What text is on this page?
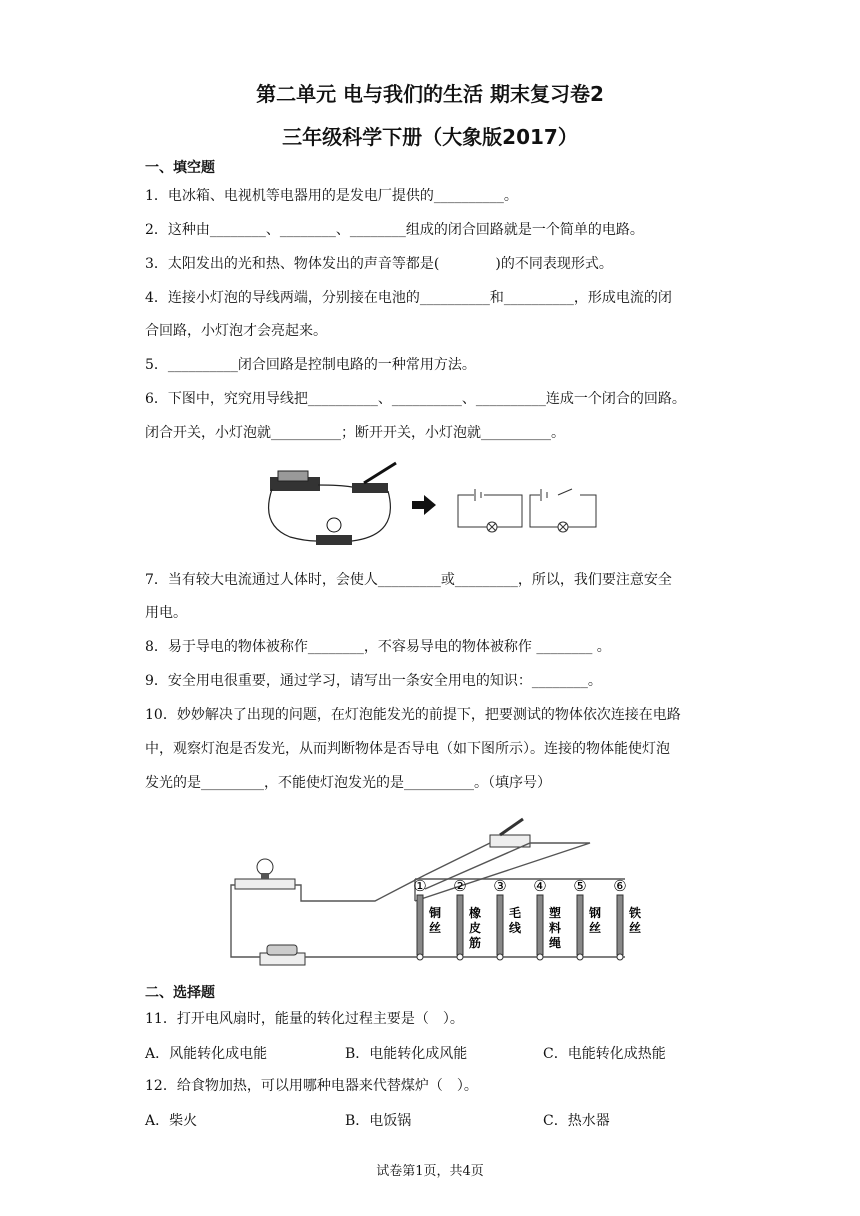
第二单元 电与我们的生活 期末复习卷2
三年级科学下册（大象版2017）
一、填空题
1．电冰箱、电视机等电器用的是发电厂提供的__________。
2．这种由________、________、________组成的闭合回路就是一个简单的电路。
3．太阳发出的光和热、物体发出的声音等都是(　　　　)的不同表现形式。
4．连接小灯泡的导线两端，分别接在电池的__________和__________，形成电流的闭
合回路，小灯泡才会亮起来。
5．__________闭合回路是控制电路的一种常用方法。
6．下图中，究究用导线把__________、__________、__________连成一个闭合的回路。
闭合开关，小灯泡就__________；断开开关，小灯泡就__________。
7．当有较大电流通过人体时，会使人_________或_________，所以，我们要注意安全
用电。
8．易于导电的物体被称作________，不容易导电的物体被称作 ________ 。
9．安全用电很重要，通过学习，请写出一条安全用电的知识：________。
10．妙妙解决了出现的问题，在灯泡能发光的前提下，把要测试的物体依次连接在电路
中，观察灯泡是否发光，从而判断物体是否导电（如下图所示）。连接的物体能使灯泡
发光的是_________，不能使灯泡发光的是__________。（填序号）
①
铜
丝
②
橡
皮
筋
③
毛
线
④
塑
料
绳
⑤
钢
丝
⑥
铁
丝
二、选择题
11．打开电风扇时，能量的转化过程主要是（　）。
A．风能转化成电能	B．电能转化成风能	C．电能转化成热能
12．给食物加热，可以用哪种电器来代替煤炉（　）。
A．柴火	B．电饭锅	C．热水器
试卷第1页，共4页
